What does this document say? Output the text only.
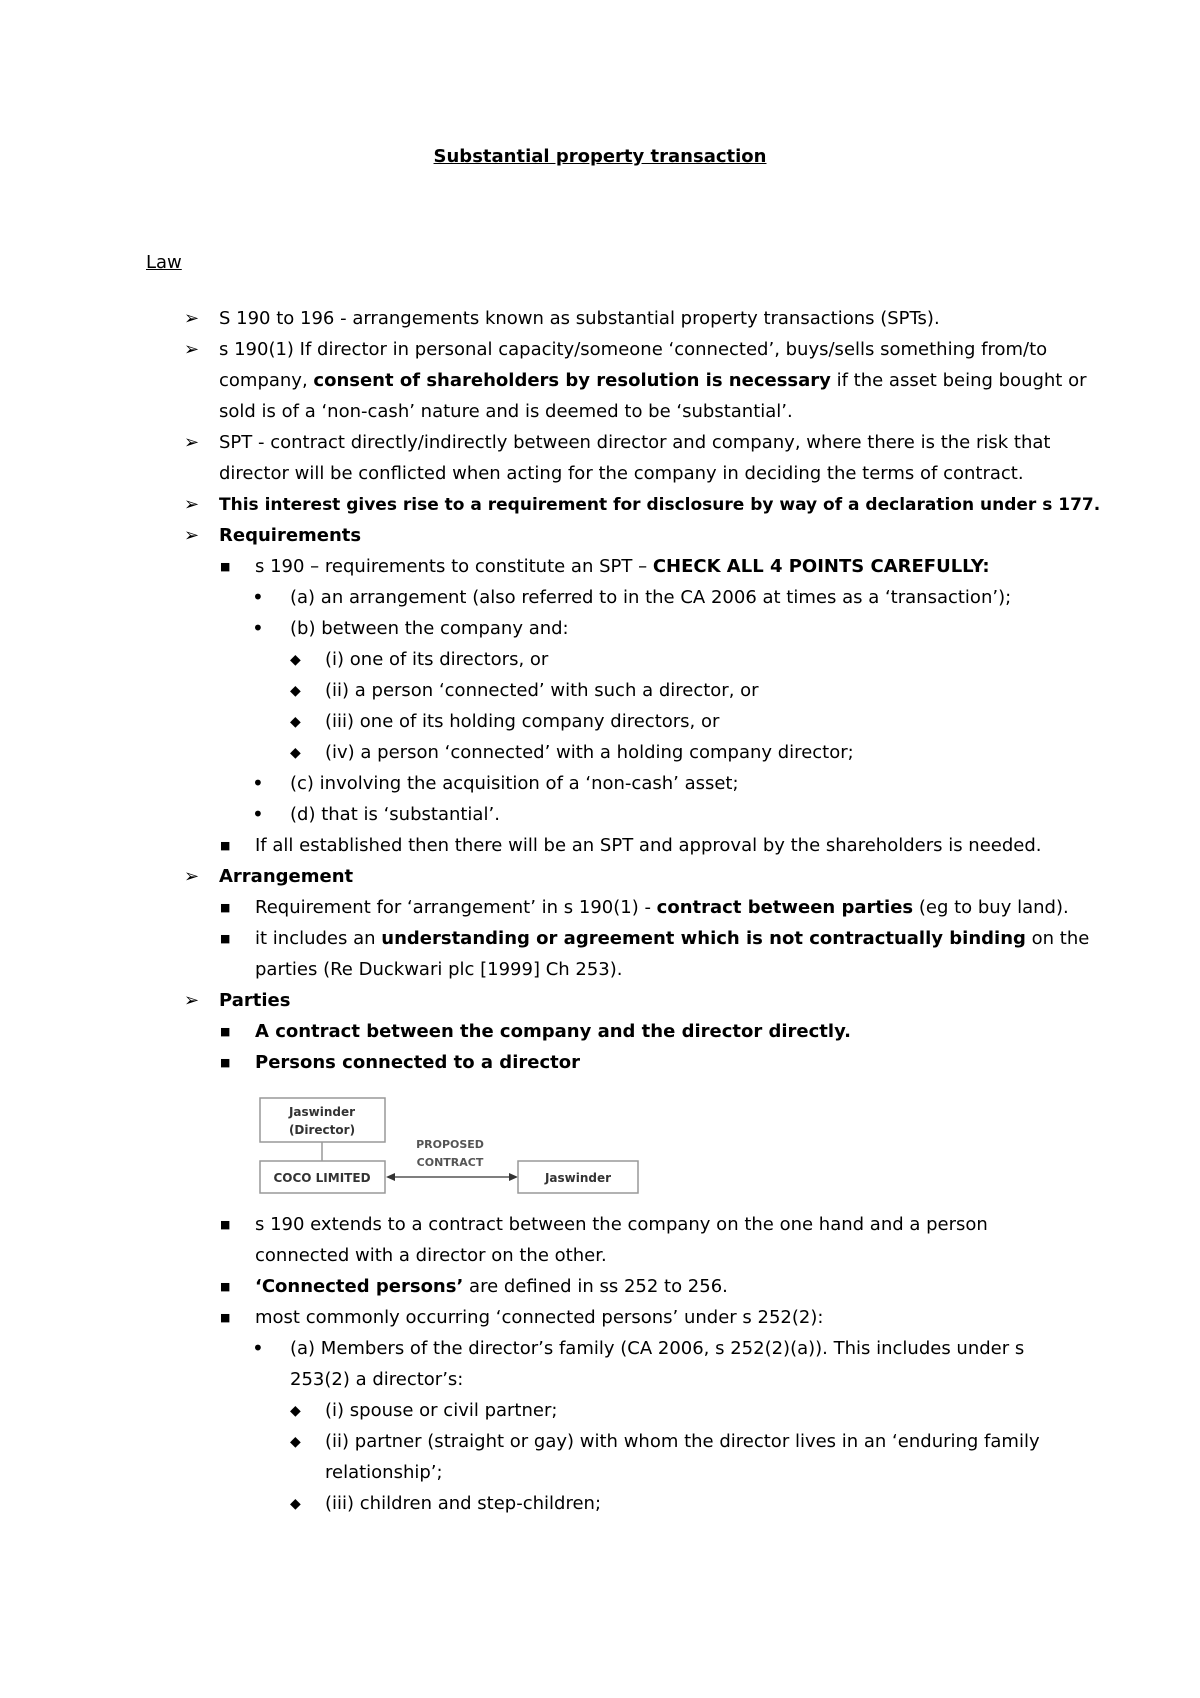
Substantial property transaction
Law
➢ S 190 to 196 - arrangements known as substantial property transactions (SPTs).
➢ s 190(1) If director in personal capacity/someone ‘connected’, buys/sells something from/to
company, consent of shareholders by resolution is necessary if the asset being bought or
sold is of a ‘non-cash’ nature and is deemed to be ‘substantial’.
➢ SPT - contract directly/indirectly between director and company, where there is the risk that
director will be conflicted when acting for the company in deciding the terms of contract.
➢ This interest gives rise to a requirement for disclosure by way of a declaration under s 177.
➢ Requirements
■ s 190 – requirements to constitute an SPT – CHECK ALL 4 POINTS CAREFULLY:
• (a) an arrangement (also referred to in the CA 2006 at times as a ‘transaction’);
• (b) between the company and:
◆ (i) one of its directors, or
◆ (ii) a person ‘connected’ with such a director, or
◆ (iii) one of its holding company directors, or
◆ (iv) a person ‘connected’ with a holding company director;
• (c) involving the acquisition of a ‘non-cash’ asset;
• (d) that is ‘substantial’.
■ If all established then there will be an SPT and approval by the shareholders is needed.
➢ Arrangement
■ Requirement for ‘arrangement’ in s 190(1) - contract between parties (eg to buy land).
■ it includes an understanding or agreement which is not contractually binding on the
parties (Re Duckwari plc [1999] Ch 253).
➢ Parties
■ A contract between the company and the director directly.
■ Persons connected to a director
Jaswinder
(Director)
COCO LIMITED
PROPOSED
CONTRACT
Jaswinder
■ s 190 extends to a contract between the company on the one hand and a person
connected with a director on the other.
■ ‘Connected persons’ are defined in ss 252 to 256.
■ most commonly occurring ‘connected persons’ under s 252(2):
• (a) Members of the director’s family (CA 2006, s 252(2)(a)). This includes under s
253(2) a director’s:
◆ (i) spouse or civil partner;
◆ (ii) partner (straight or gay) with whom the director lives in an ‘enduring family
relationship’;
◆ (iii) children and step-children;
